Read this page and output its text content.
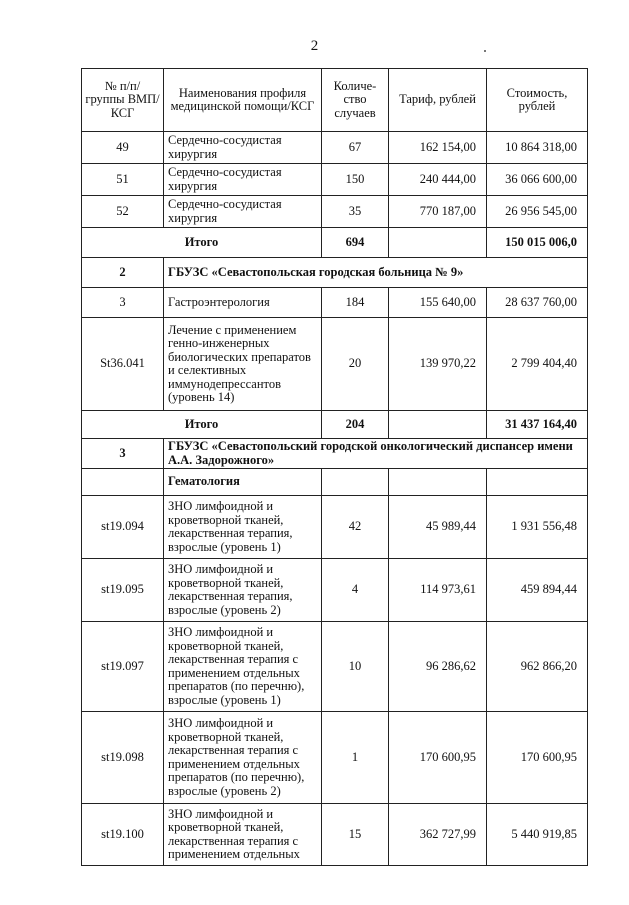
2
№ п/п/ группы ВМП/ КСГ	Наименования профиля медицинской помощи/КСГ	Количе-ство случаев	Тариф, рублей	Стоимость, рублей
49	Сердечно-сосудистая хирургия	67	162 154,00	10 864 318,00
51	Сердечно-сосудистая хирургия	150	240 444,00	36 066 600,00
52	Сердечно-сосудистая хирургия	35	770 187,00	26 956 545,00
Итого		694		150 015 006,0
2	ГБУЗС «Севастопольская городская больница № 9»			
3	Гастроэнтерология	184	155 640,00	28 637 760,00
St36.041	Лечение с применением генно-инженерных биологических препаратов и селективных иммунодепрессантов (уровень 14)	20	139 970,22	2 799 404,40
Итого		204		31 437 164,40
3	ГБУЗС «Севастопольский городской онкологический диспансер имени А.А. Задорожного»			
	Гематология			
st19.094	ЗНО лимфоидной и кроветворной тканей, лекарственная терапия, взрослые (уровень 1)	42	45 989,44	1 931 556,48
st19.095	ЗНО лимфоидной и кроветворной тканей, лекарственная терапия, взрослые (уровень 2)	4	114 973,61	459 894,44
st19.097	ЗНО лимфоидной и кроветворной тканей, лекарственная терапия с применением отдельных препаратов (по перечню), взрослые (уровень 1)	10	96 286,62	962 866,20
st19.098	ЗНО лимфоидной и кроветворной тканей, лекарственная терапия с применением отдельных препаратов (по перечню), взрослые (уровень 2)	1	170 600,95	170 600,95
st19.100	ЗНО лимфоидной и кроветворной тканей, лекарственная терапия с применением отдельных	15	362 727,99	5 440 919,85
